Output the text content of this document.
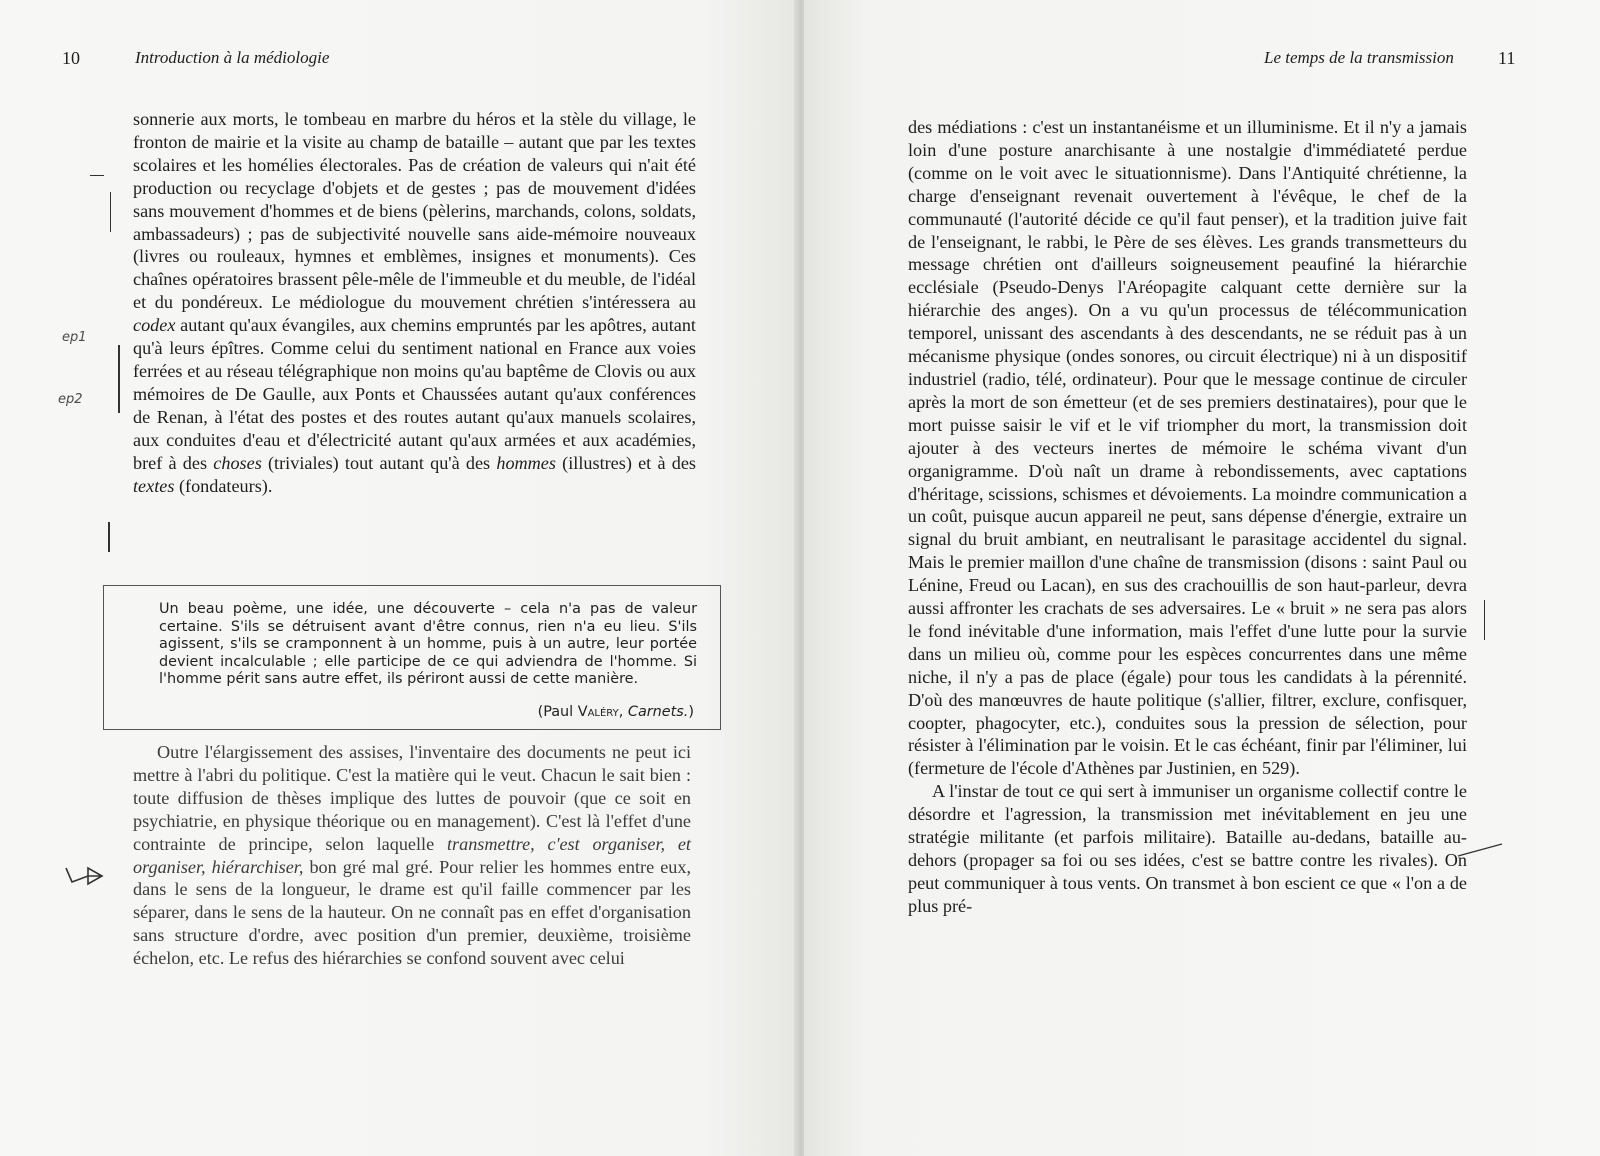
10	Introduction à la médiologie

sonnerie aux morts, le tombeau en marbre du héros et la stèle du village, le fronton de mairie et la visite au champ de bataille – autant que par les textes scolaires et les homélies électorales. Pas de création de valeurs qui n'ait été production ou recyclage d'objets et de gestes ; pas de mouvement d'idées sans mouvement d'hommes et de biens (pèlerins, marchands, colons, soldats, ambassadeurs) ; pas de subjectivité nouvelle sans aide-mémoire nouveaux (livres ou rouleaux, hymnes et emblèmes, insignes et monuments). Ces chaînes opératoires brassent pêle-mêle de l'immeuble et du meuble, de l'idéal et du pondéreux. Le médiologue du mouvement chrétien s'intéressera au codex autant qu'aux évangiles, aux chemins empruntés par les apôtres, autant qu'à leurs épîtres. Comme celui du sentiment national en France aux voies ferrées et au réseau télégraphique non moins qu'au baptême de Clovis ou aux mémoires de De Gaulle, aux Ponts et Chaussées autant qu'aux conférences de Renan, à l'état des postes et des routes autant qu'aux manuels scolaires, aux conduites d'eau et d'électricité autant qu'aux armées et aux académies, bref à des choses (triviales) tout autant qu'à des hommes (illustres) et à des textes (fondateurs).

Un beau poème, une idée, une découverte – cela n'a pas de valeur certaine. S'ils se détruisent avant d'être connus, rien n'a eu lieu. S'ils agissent, s'ils se cramponnent à un homme, puis à un autre, leur portée devient incalculable ; elle participe de ce qui adviendra de l'homme. Si l'homme périt sans autre effet, ils périront aussi de cette manière.
(Paul Valéry, Carnets.)

Outre l'élargissement des assises, l'inventaire des documents ne peut ici mettre à l'abri du politique. C'est la matière qui le veut. Chacun le sait bien : toute diffusion de thèses implique des luttes de pouvoir (que ce soit en psychiatrie, en physique théorique ou en management). C'est là l'effet d'une contrainte de principe, selon laquelle transmettre, c'est organiser, et organiser, hiérarchiser, bon gré mal gré. Pour relier les hommes entre eux, dans le sens de la longueur, le drame est qu'il faille commencer par les séparer, dans le sens de la hauteur. On ne connaît pas en effet d'organisation sans structure d'ordre, avec position d'un premier, deuxième, troisième échelon, etc. Le refus des hiérarchies se confond souvent avec celui

ep1
ep2
Le temps de la transmission 11

des médiations : c'est un instantanéisme et un illuminisme. Et il n'y a jamais loin d'une posture anarchisante à une nostalgie d'immédiateté perdue (comme on le voit avec le situationnisme). Dans l'Antiquité chrétienne, la charge d'enseignant revenait ouvertement à l'évêque, le chef de la communauté (l'autorité décide ce qu'il faut penser), et la tradition juive fait de l'enseignant, le rabbi, le Père de ses élèves. Les grands transmetteurs du message chrétien ont d'ailleurs soigneusement peaufiné la hiérarchie ecclésiale (Pseudo-Denys l'Aréopagite calquant cette dernière sur la hiérarchie des anges). On a vu qu'un processus de télécommunication temporel, unissant des ascendants à des descendants, ne se réduit pas à un mécanisme physique (ondes sonores, ou circuit électrique) ni à un dispositif industriel (radio, télé, ordinateur). Pour que le message continue de circuler après la mort de son émetteur (et de ses premiers destinataires), pour que le mort puisse saisir le vif et le vif triompher du mort, la transmission doit ajouter à des vecteurs inertes de mémoire le schéma vivant d'un organigramme. D'où naît un drame à rebondissements, avec captations d'héritage, scissions, schismes et dévoiements. La moindre communication a un coût, puisque aucun appareil ne peut, sans dépense d'énergie, extraire un signal du bruit ambiant, en neutralisant le parasitage accidentel du signal. Mais le premier maillon d'une chaîne de transmission (disons : saint Paul ou Lénine, Freud ou Lacan), en sus des crachouillis de son haut-parleur, devra aussi affronter les crachats de ses adversaires. Le « bruit » ne sera pas alors le fond inévitable d'une information, mais l'effet d'une lutte pour la survie dans un milieu où, comme pour les espèces concurrentes dans une même niche, il n'y a pas de place (égale) pour tous les candidats à la pérennité. D'où des manœuvres de haute politique (s'allier, filtrer, exclure, confisquer, coopter, phagocyter, etc.), conduites sous la pression de sélection, pour résister à l'élimination par le voisin. Et le cas échéant, finir par l'éliminer, lui (fermeture de l'école d'Athènes par Justinien, en 529).

A l'instar de tout ce qui sert à immuniser un organisme collectif contre le désordre et l'agression, la transmission met inévitablement en jeu une stratégie militante (et parfois militaire). Bataille au-dedans, bataille au-dehors (propager sa foi ou ses idées, c'est se battre contre les rivales). On peut communiquer à tous vents. On transmet à bon escient ce que « l'on a de plus pré-
